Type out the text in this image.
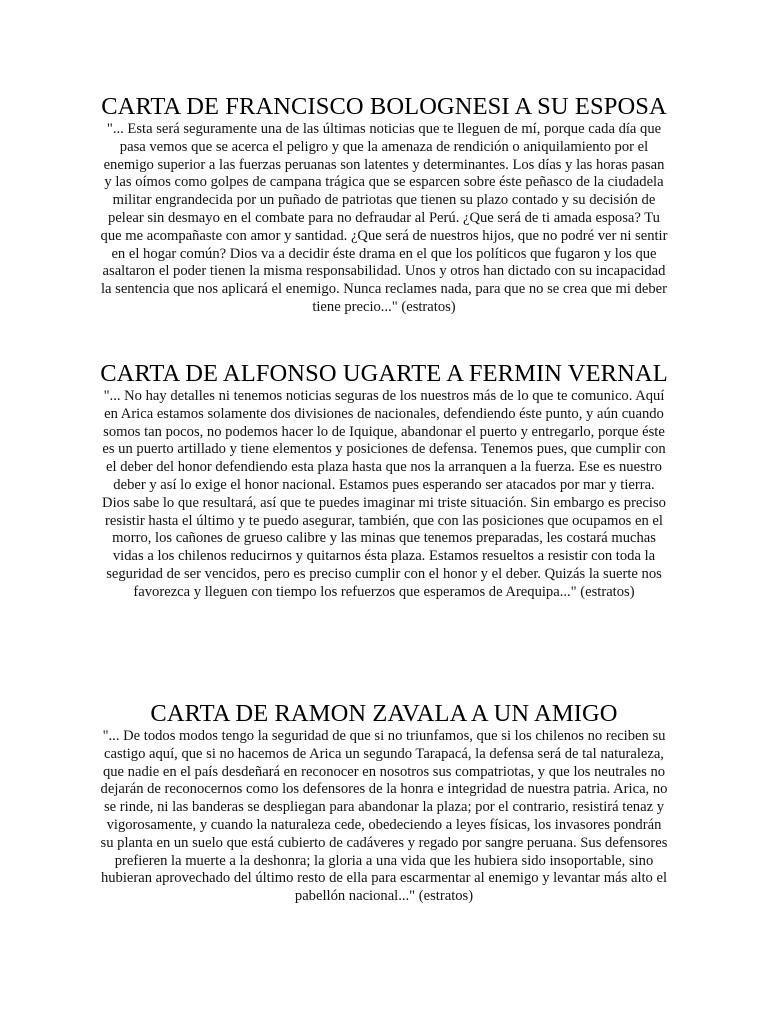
CARTA DE FRANCISCO BOLOGNESI A SU ESPOSA

"... Esta será seguramente una de las últimas noticias que te lleguen de mí, porque cada día que pasa vemos que se acerca el peligro y que la amenaza de rendición o aniquilamiento por el enemigo superior a las fuerzas peruanas son latentes y determinantes. Los días y las horas pasan y las oímos como golpes de campana trágica que se esparcen sobre éste peñasco de la ciudadela militar engrandecida por un puñado de patriotas que tienen su plazo contado y su decisión de pelear sin desmayo en el combate para no defraudar al Perú. ¿Que será de ti amada esposa? Tu que me acompañaste con amor y santidad. ¿Que será de nuestros hijos, que no podré ver ni sentir en el hogar común? Dios va a decidir éste drama en el que los políticos que fugaron y los que asaltaron el poder tienen la misma responsabilidad. Unos y otros han dictado con su incapacidad la sentencia que nos aplicará el enemigo. Nunca reclames nada, para que no se crea que mi deber tiene precio..." (estratos)

CARTA DE ALFONSO UGARTE A FERMIN VERNAL

"... No hay detalles ni tenemos noticias seguras de los nuestros más de lo que te comunico. Aquí en Arica estamos solamente dos divisiones de nacionales, defendiendo éste punto, y aún cuando somos tan pocos, no podemos hacer lo de Iquique, abandonar el puerto y entregarlo, porque éste es un puerto artillado y tiene elementos y posiciones de defensa. Tenemos pues, que cumplir con el deber del honor defendiendo esta plaza hasta que nos la arranquen a la fuerza. Ese es nuestro deber y así lo exige el honor nacional. Estamos pues esperando ser atacados por mar y tierra. Dios sabe lo que resultará, así que te puedes imaginar mi triste situación. Sin embargo es preciso resistir hasta el último y te puedo asegurar, también, que con las posiciones que ocupamos en el morro, los cañones de grueso calibre y las minas que tenemos preparadas, les costará muchas vidas a los chilenos reducirnos y quitarnos ésta plaza. Estamos resueltos a resistir con toda la seguridad de ser vencidos, pero es preciso cumplir con el honor y el deber. Quizás la suerte nos favorezca y lleguen con tiempo los refuerzos que esperamos de Arequipa..." (estratos)

CARTA DE RAMON ZAVALA A UN AMIGO

"... De todos modos tengo la seguridad de que si no triunfamos, que si los chilenos no reciben su castigo aquí, que si no hacemos de Arica un segundo Tarapacá, la defensa será de tal naturaleza, que nadie en el país desdeñará en reconocer en nosotros sus compatriotas, y que los neutrales no dejarán de reconocernos como los defensores de la honra e integridad de nuestra patria. Arica, no se rinde, ni las banderas se despliegan para abandonar la plaza; por el contrario, resistirá tenaz y vigorosamente, y cuando la naturaleza cede, obedeciendo a leyes físicas, los invasores pondrán su planta en un suelo que está cubierto de cadáveres y regado por sangre peruana. Sus defensores prefieren la muerte a la deshonra; la gloria a una vida que les hubiera sido insoportable, sino hubieran aprovechado del último resto de ella para escarmentar al enemigo y levantar más alto el pabellón nacional..." (estratos)
